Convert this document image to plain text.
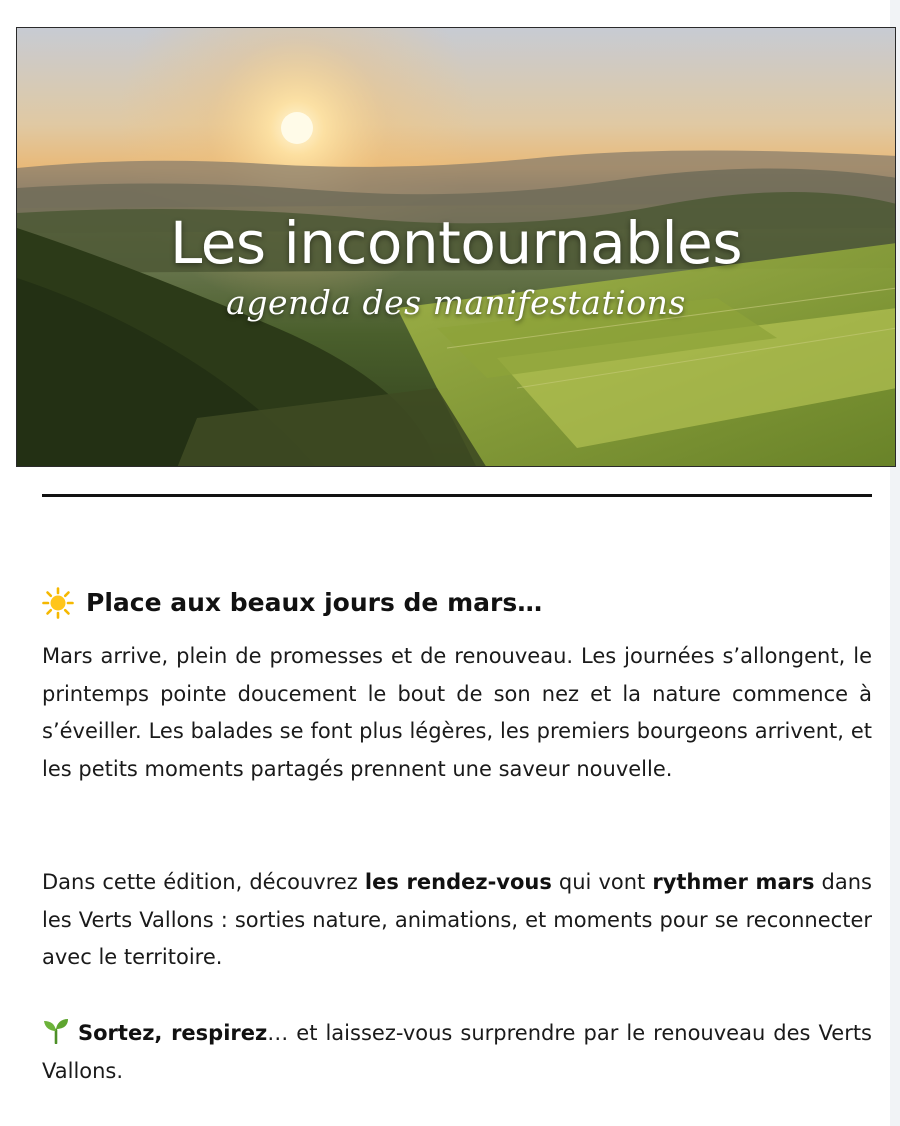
Les incontournables
agenda des manifestations
Place aux beaux jours de mars…

Mars arrive, plein de promesses et de renouveau. Les journées s’allongent, le printemps pointe doucement le bout de son nez et la nature commence à s’éveiller. Les balades se font plus légères, les premiers bourgeons arrivent, et les petits moments partagés prennent une saveur nouvelle.

Dans cette édition, découvrez les rendez-vous qui vont rythmer mars dans les Verts Vallons : sorties nature, animations, et moments pour se reconnecter avec le territoire.

Sortez, respirez… et laissez-vous surprendre par le renouveau des Verts Vallons.
